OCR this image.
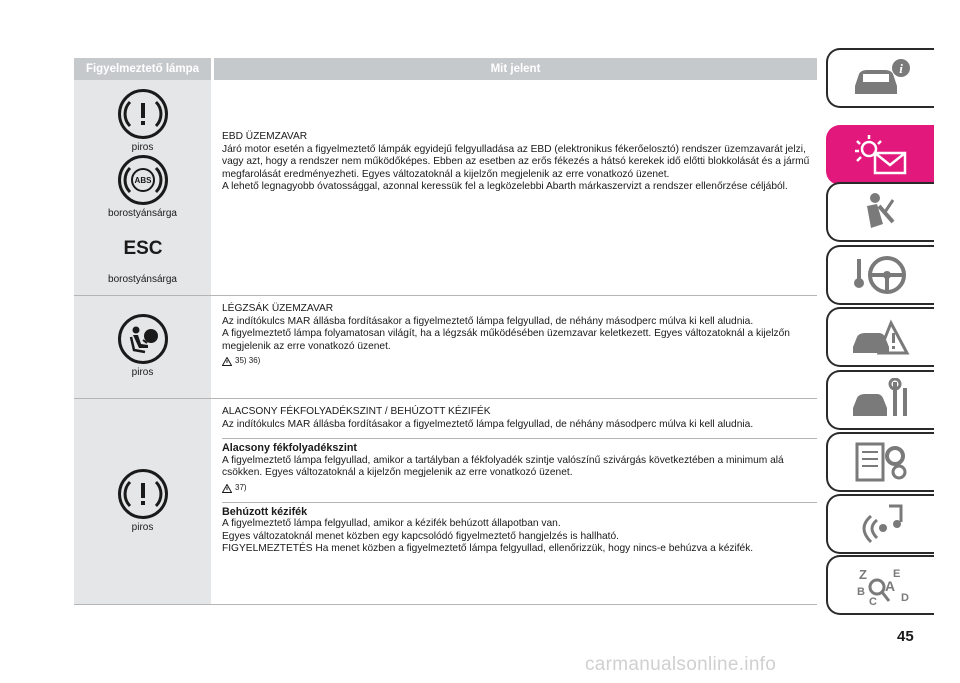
Figyelmeztető lámpa	Mit jelent
piros
ABS
borostyánsárga
ESC
borostyánsárga
EBD ÜZEMZAVAR
Járó motor esetén a figyelmeztető lámpák egyidejű felgyulladása az EBD (elektronikus fékerőelosztó) rendszer üzemzavarát jelzi, vagy azt, hogy a rendszer nem működőképes. Ebben az esetben az erős fékezés a hátsó kerekek idő előtti blokkolását és a jármű megfarolását eredményezheti. Egyes változatoknál a kijelzőn megjelenik az erre vonatkozó üzenet.
A lehető legnagyobb óvatossággal, azonnal keressük fel a legközelebbi Abarth márkaszervizt a rendszer ellenőrzése céljából.
piros
LÉGZSÁK ÜZEMZAVAR
Az indítókulcs MAR állásba fordításakor a figyelmeztető lámpa felgyullad, de néhány másodperc múlva ki kell aludnia.
A figyelmeztető lámpa folyamatosan világít, ha a légzsák működésében üzemzavar keletkezett. Egyes változatoknál a kijelzőn megjelenik az erre vonatkozó üzenet.
35) 36)
piros
ALACSONY FÉKFOLYADÉKSZINT / BEHÚZOTT KÉZIFÉK
Az indítókulcs MAR állásba fordításakor a figyelmeztető lámpa felgyullad, de néhány másodperc múlva ki kell aludnia.
Alacsony fékfolyadékszint
A figyelmeztető lámpa felgyullad, amikor a tartályban a fékfolyadék szintje valószínű szivárgás következtében a minimum alá csökken. Egyes változatoknál a kijelzőn megjelenik az erre vonatkozó üzenet.
37)
Behúzott kézifék
A figyelmeztető lámpa felgyullad, amikor a kézifék behúzott állapotban van.
Egyes változatoknál menet közben egy kapcsolódó figyelmeztető hangjelzés is hallható.
FIGYELMEZTETÉS Ha menet közben a figyelmeztető lámpa felgyullad, ellenőrizzük, hogy nincs-e behúzva a kézifék.
i
Z E
A
B
C D
45
carmanualsonline.info
